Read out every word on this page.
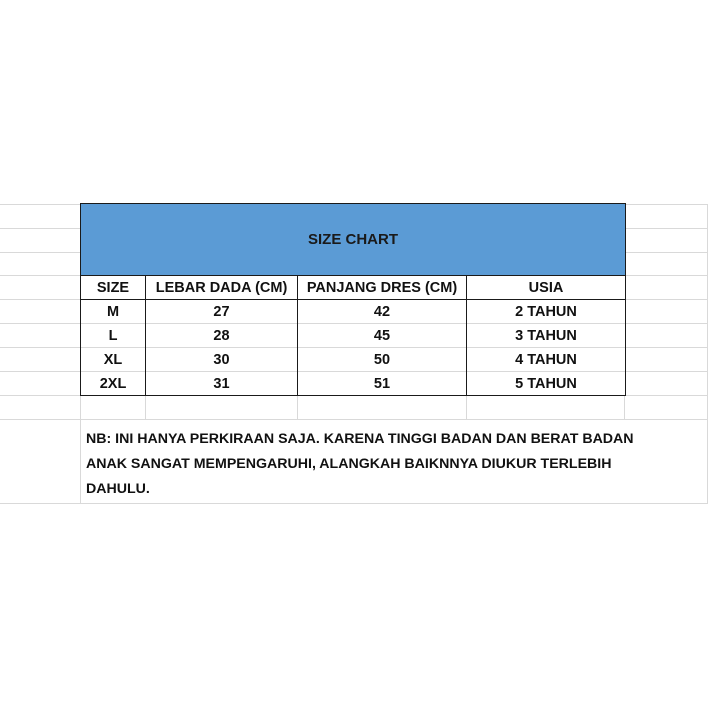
SIZE CHART
SIZE	LEBAR DADA (CM)	PANJANG DRES (CM)	USIA
M	27	42	2 TAHUN
L	28	45	3 TAHUN
XL	30	50	4 TAHUN
2XL	31	51	5 TAHUN
NB: INI HANYA PERKIRAAN SAJA. KARENA TINGGI BADAN DAN BERAT BADAN
ANAK SANGAT MEMPENGARUHI, ALANGKAH BAIKNNYA DIUKUR TERLEBIH
DAHULU.
